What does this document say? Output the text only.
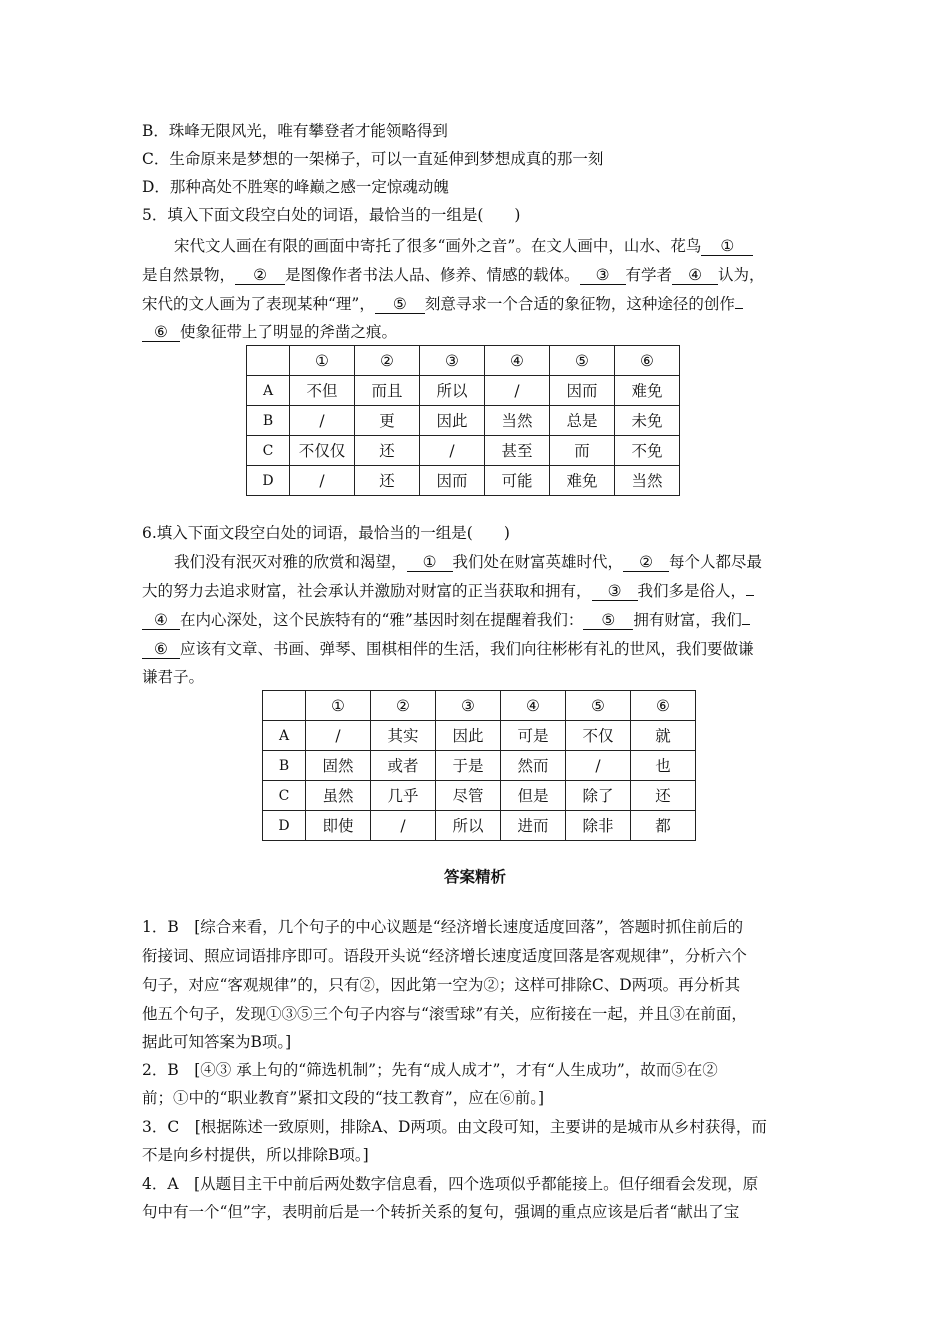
B．珠峰无限风光，唯有攀登者才能领略得到
C．生命原来是梦想的一架梯子，可以一直延伸到梦想成真的那一刻
D．那种高处不胜寒的峰巅之感一定惊魂动魄
5．填入下面文段空白处的词语，最恰当的一组是(　　)
宋代文人画在有限的画面中寄托了很多“画外之音”。在文人画中，山水、花鸟 ①
是自然景物， ② 是图像作者书法人品、修养、情感的载体。 ③ 有学者 ④ 认为，
宋代的文人画为了表现某种“理”， ⑤ 刻意寻求一个合适的象征物，这种途径的创作
⑥ 使象征带上了明显的斧凿之痕。
	①	②	③	④	⑤	⑥
A	不但	而且	所以	/	因而	难免
B	/	更	因此	当然	总是	未免
C	不仅仅	还	/	甚至	而	不免
D	/	还	因而	可能	难免	当然
6.填入下面文段空白处的词语，最恰当的一组是(　　)
我们没有泯灭对雅的欣赏和渴望， ① 我们处在财富英雄时代， ② 每个人都尽最
大的努力去追求财富，社会承认并激励对财富的正当获取和拥有， ③ 我们多是俗人，
④ 在内心深处，这个民族特有的“雅”基因时刻在提醒着我们： ⑤ 拥有财富，我们
⑥ 应该有文章、书画、弹琴、围棋相伴的生活，我们向往彬彬有礼的世风，我们要做谦
谦君子。
	①	②	③	④	⑤	⑥
A	/	其实	因此	可是	不仅	就
B	固然	或者	于是	然而	/	也
C	虽然	几乎	尽管	但是	除了	还
D	即使	/	所以	进而	除非	都
答案精析
1．B　[综合来看，几个句子的中心议题是“经济增长速度适度回落”，答题时抓住前后的
衔接词、照应词语排序即可。语段开头说“经济增长速度适度回落是客观规律”，分析六个
句子，对应“客观规律”的，只有②，因此第一空为②；这样可排除C、D两项。再分析其
他五个句子，发现①③⑤三个句子内容与“滚雪球”有关，应衔接在一起，并且③在前面，
据此可知答案为B项。]
2．B　[④③ 承上句的“筛选机制”；先有“成人成才”，才有“人生成功”，故而⑤在②
前；①中的“职业教育”紧扣文段的“技工教育”，应在⑥前。]
3．C　[根据陈述一致原则，排除A、D两项。由文段可知，主要讲的是城市从乡村获得，而
不是向乡村提供，所以排除B项。]
4．A　[从题目主干中前后两处数字信息看，四个选项似乎都能接上。但仔细看会发现，原
句中有一个“但”字，表明前后是一个转折关系的复句，强调的重点应该是后者“献出了宝
